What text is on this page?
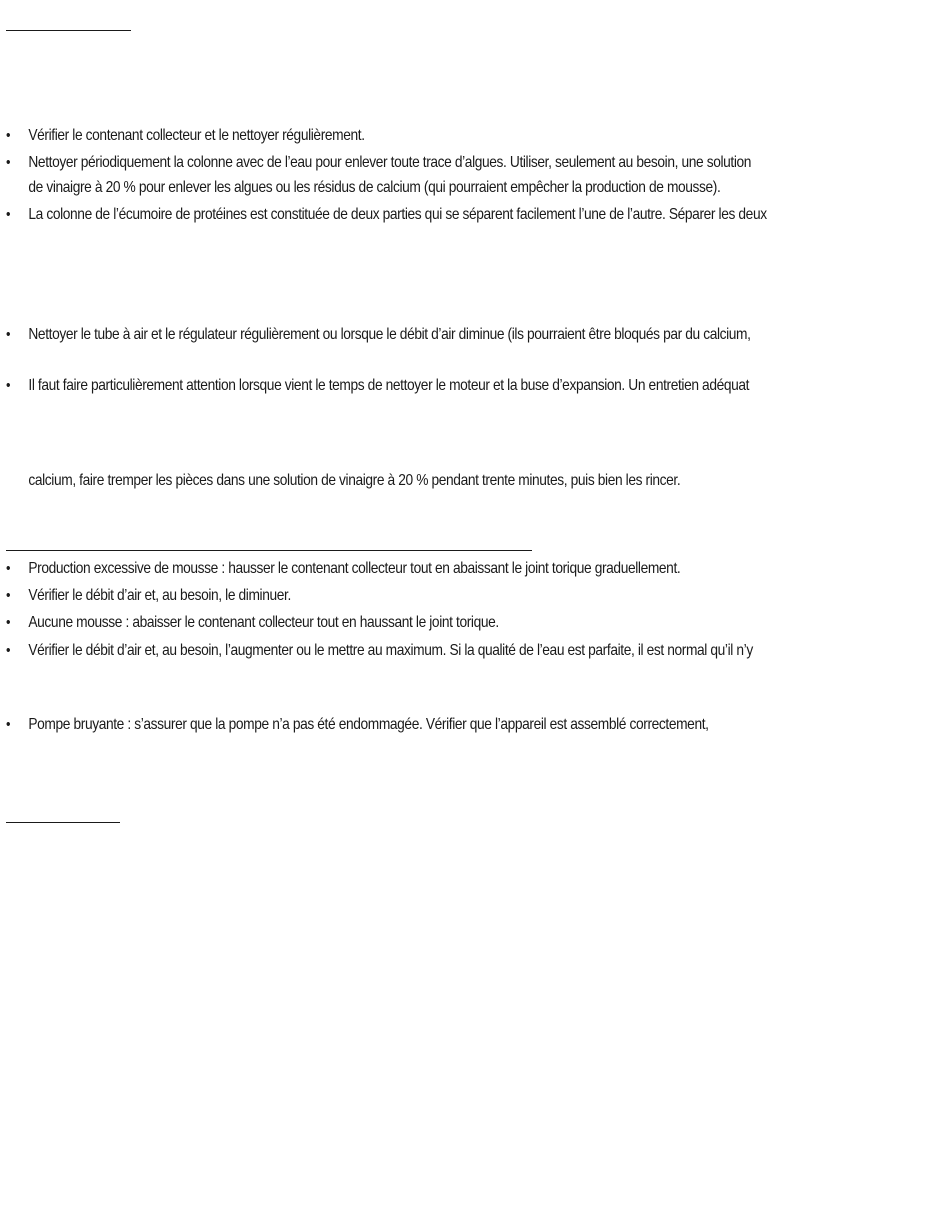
• Vérifier le contenant collecteur et le nettoyer régulièrement.
• Nettoyer périodiquement la colonne avec de l’eau pour enlever toute trace d’algues. Utiliser, seulement au besoin, une solution
de vinaigre à 20 % pour enlever les algues ou les résidus de calcium (qui pourraient empêcher la production de mousse).
• La colonne de l’écumoire de protéines est constituée de deux parties qui se séparent facilement l’une de l’autre. Séparer les deux
• Nettoyer le tube à air et le régulateur régulièrement ou lorsque le débit d’air diminue (ils pourraient être bloqués par du calcium,
• Il faut faire particulièrement attention lorsque vient le temps de nettoyer le moteur et la buse d’expansion. Un entretien adéquat
calcium, faire tremper les pièces dans une solution de vinaigre à 20 % pendant trente minutes, puis bien les rincer.
• Production excessive de mousse : hausser le contenant collecteur tout en abaissant le joint torique graduellement.
• Vérifier le débit d’air et, au besoin, le diminuer.
• Aucune mousse : abaisser le contenant collecteur tout en haussant le joint torique.
• Vérifier le débit d’air et, au besoin, l’augmenter ou le mettre au maximum. Si la qualité de l’eau est parfaite, il est normal qu’il n’y
• Pompe bruyante : s’assurer que la pompe n’a pas été endommagée. Vérifier que l’appareil est assemblé correctement,
